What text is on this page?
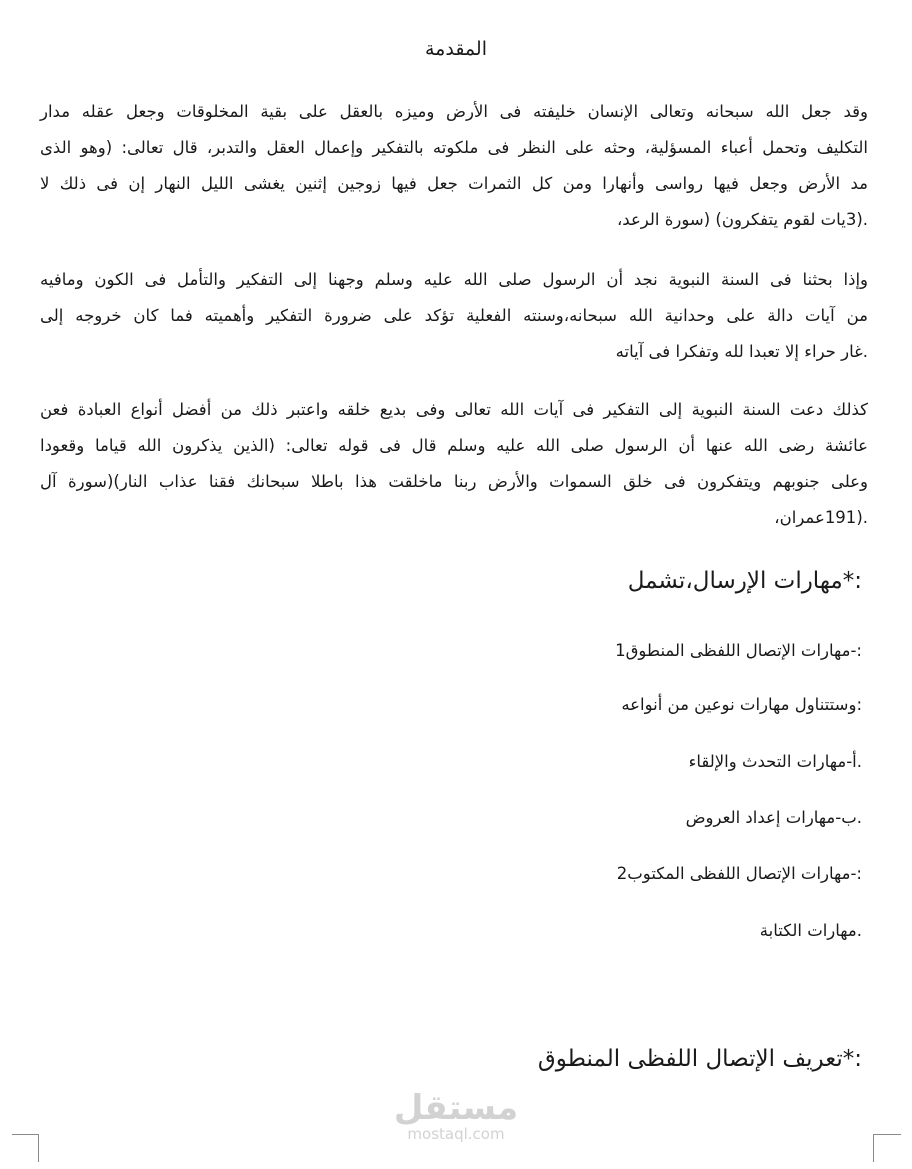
المقدمة
وقد جعل الله سبحانه وتعالى الإنسان خليفته فى الأرض وميزه بالعقل على بقية المخلوقات وجعل عقله مدار
التكليف وتحمل أعباء المسؤلية، وحثه على النظر فى ملكوته بالتفكير وإعمال العقل والتدبر، قال تعالى: (وهو الذى
مد الأرض وجعل فيها رواسى وأنهارا ومن كل الثمرات جعل فيها زوجين إثنين يغشى الليل النهار إن فى ذلك لا
.(3يات لقوم يتفكرون) (سورة الرعد،
وإذا بحثنا فى السنة النبوية نجد أن الرسول صلى الله عليه وسلم وجهنا إلى التفكير والتأمل فى الكون ومافيه
من آيات دالة على وحدانية الله سبحانه،وسنته الفعلية تؤكد على ضرورة التفكير وأهميته فما كان خروجه إلى
.غار حراء إلا تعبدا لله وتفكرا فى آياته
كذلك دعت السنة النبوية إلى التفكير فى آيات الله تعالى وفى بديع خلقه واعتبر ذلك من أفضل أنواع العبادة فعن
عائشة رضى الله عنها أن الرسول صلى الله عليه وسلم قال فى قوله تعالى: (الذين يذكرون الله قياما وقعودا
وعلى جنوبهم ويتفكرون فى خلق السموات والأرض ربنا ماخلقت هذا باطلا سبحانك فقنا عذاب النار)(سورة آل
.(191عمران،
:*مهارات الإرسال،تشمل
:-مهارات الإتصال اللفظى المنطوق1
:وستتناول مهارات نوعين من أنواعه
.أ-مهارات التحدث والإلقاء
.ب-مهارات إعداد العروض
:-مهارات الإتصال اللفظى المكتوب2
.مهارات الكتابة
:*تعريف الإتصال اللفظى المنطوق
مستقل
mostaql.com
